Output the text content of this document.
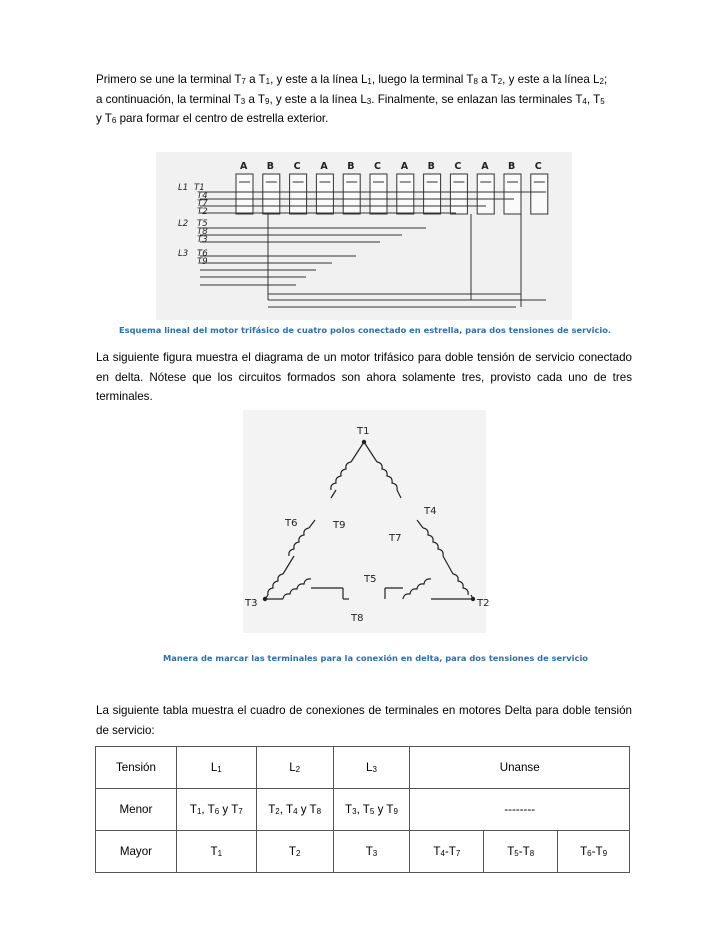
Primero se une la terminal $T_7$ a $T_1$, y este a la línea $L_1$, luego la terminal $T_8$ a $T_2$, y este a la línea $L_2$;
a continuación, la terminal $T_3$ a $T_9$, y este a la línea $L_3$. Finalmente, se enlazan las terminales $T_4$, $T_5$
y $T_6$ para formar el centro de estrella exterior.
A B C A B C A B C A B C
L1
L2
L3
T1
T4
T7
T2
T5
T8
T3
T6
T9
Esquema lineal del motor trifásico de cuatro polos conectado en estrella, para dos tensiones de servicio.
La siguiente figura muestra el diagrama de un motor trifásico para doble tensión de servicio conectado en delta. Nótese que los circuitos formados son ahora solamente tres, provisto cada uno de tres terminales.
T1
T2
T3
T4
T5
T6
T7
T8
T9
Manera de marcar las terminales para la conexión en delta, para dos tensiones de servicio
La siguiente tabla muestra el cuadro de conexiones de terminales en motores Delta para doble tensión de servicio:
Tensión	$L_1$	$L_2$	$L_3$	Unanse		
Menor	$T_1$, $T_6$ y $T_7$	$T_2$, $T_4$ y $T_8$	$T_3$, $T_5$ y $T_9$	--------		
Mayor	$T_1$	$T_2$	$T_3$	$T_4-T_7$	$T_5-T_8$	$T_6-T_9$
